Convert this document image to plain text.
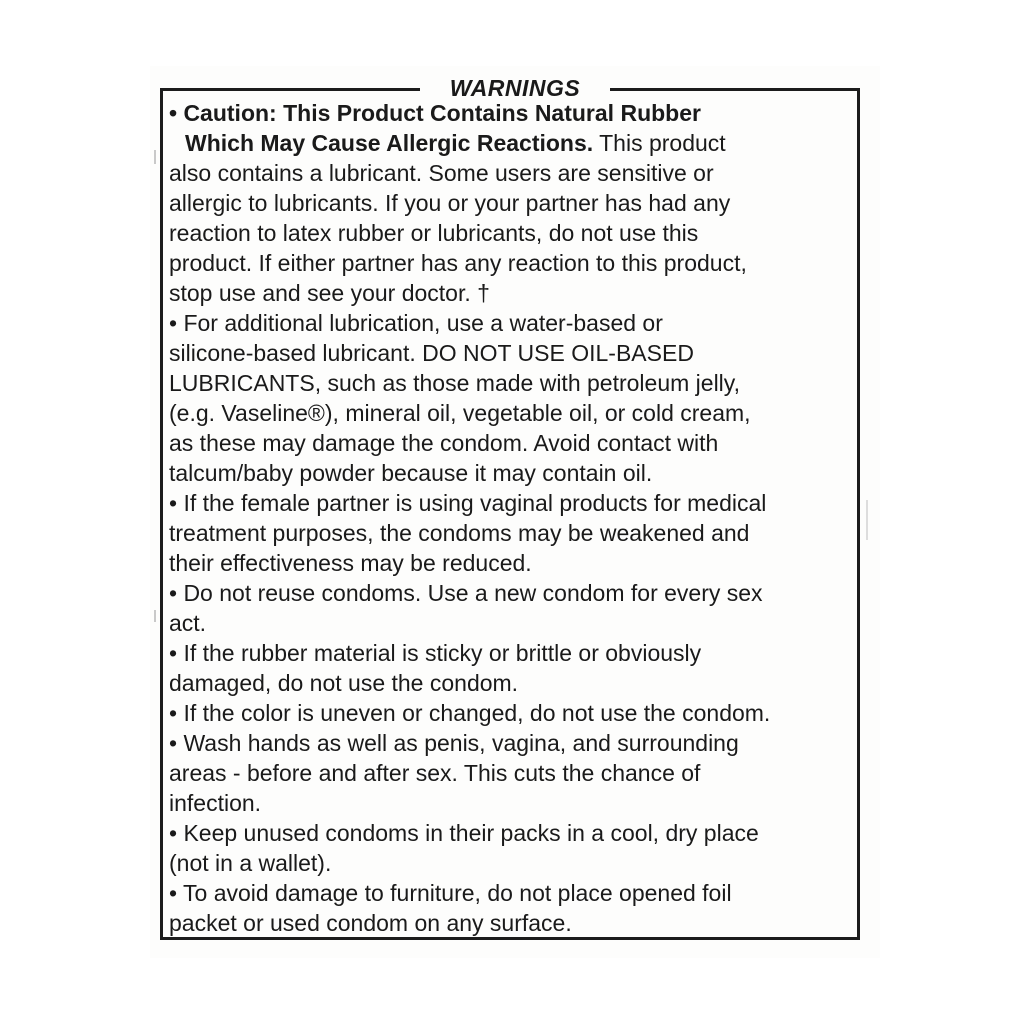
WARNINGS
• Caution: This Product Contains Natural Rubber
Which May Cause Allergic Reactions. This product
also contains a lubricant. Some users are sensitive or
allergic to lubricants. If you or your partner has had any
reaction to latex rubber or lubricants, do not use this
product. If either partner has any reaction to this product,
stop use and see your doctor. †
• For additional lubrication, use a water-based or
silicone-based lubricant. DO NOT USE OIL-BASED
LUBRICANTS, such as those made with petroleum jelly,
(e.g. Vaseline®), mineral oil, vegetable oil, or cold cream,
as these may damage the condom. Avoid contact with
talcum/baby powder because it may contain oil.
• If the female partner is using vaginal products for medical
treatment purposes, the condoms may be weakened and
their effectiveness may be reduced.
• Do not reuse condoms. Use a new condom for every sex
act.
• If the rubber material is sticky or brittle or obviously
damaged, do not use the condom.
• If the color is uneven or changed, do not use the condom.
• Wash hands as well as penis, vagina, and surrounding
areas - before and after sex. This cuts the chance of
infection.
• Keep unused condoms in their packs in a cool, dry place
(not in a wallet).
• To avoid damage to furniture, do not place opened foil
packet or used condom on any surface.
